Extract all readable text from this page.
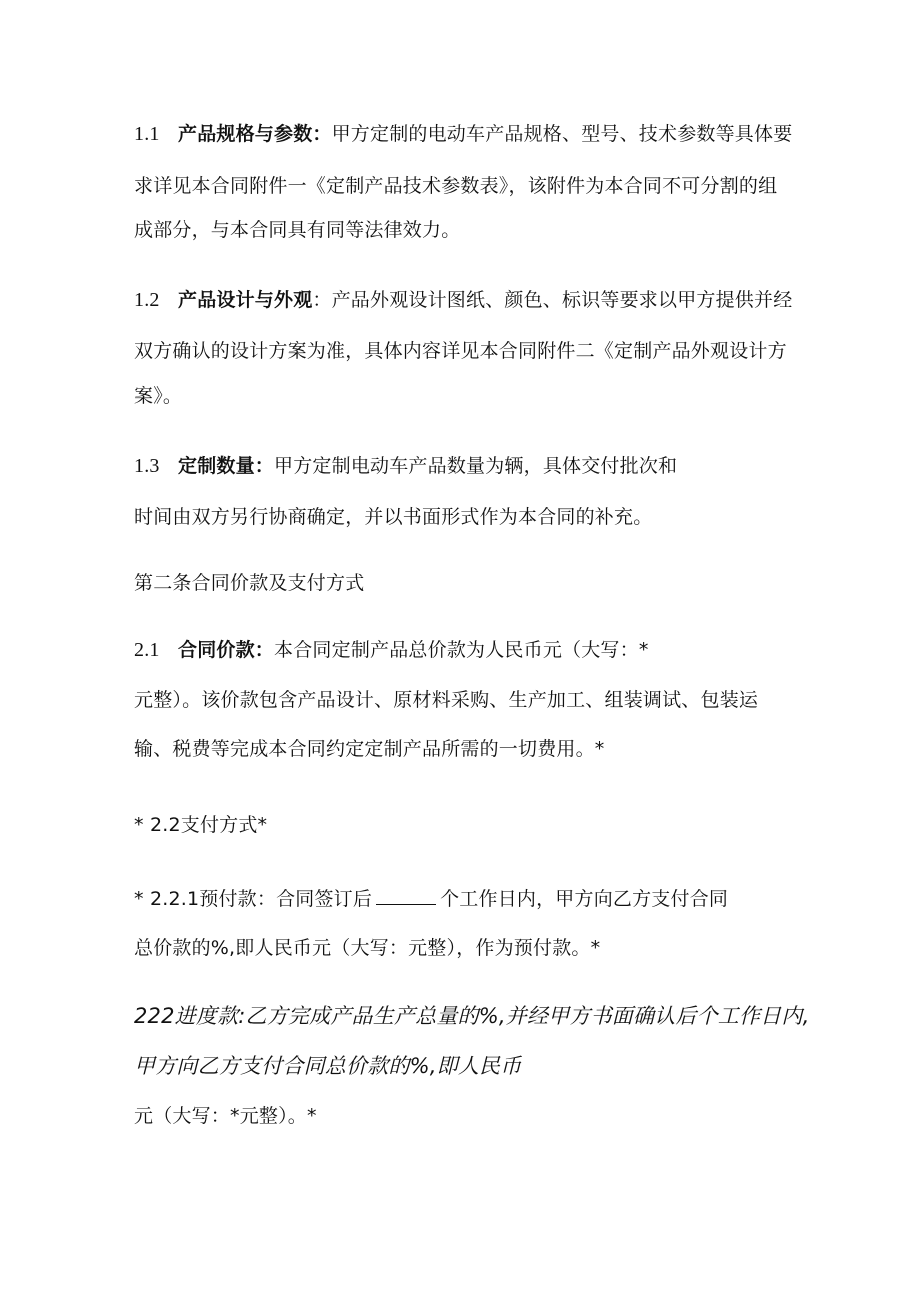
1.1 产品规格与参数：甲方定制的电动车产品规格、型号、技术参数等具体要
求详见本合同附件一《定制产品技术参数表》，该附件为本合同不可分割的组
成部分，与本合同具有同等法律效力。
1.2 产品设计与外观：产品外观设计图纸、颜色、标识等要求以甲方提供并经
双方确认的设计方案为准，具体内容详见本合同附件二《定制产品外观设计方
案》。
1.3 定制数量：甲方定制电动车产品数量为辆，具体交付批次和
时间由双方另行协商确定，并以书面形式作为本合同的补充。
第二条合同价款及支付方式
2.1 合同价款：本合同定制产品总价款为人民币元（大写：*
元整）。该价款包含产品设计、原材料采购、生产加工、组装调试、包装运
输、税费等完成本合同约定定制产品所需的一切费用。*
* 2.2支付方式*
* 2.2.1预付款：合同签订后	个工作日内，甲方向乙方支付合同
总价款的%,即人民币元（大写：元整），作为预付款。*
222进度款:乙方完成产品生产总量的%,并经甲方书面确认后个工作日内,
甲方向乙方支付合同总价款的%,即人民币
元（大写：*元整）。*
